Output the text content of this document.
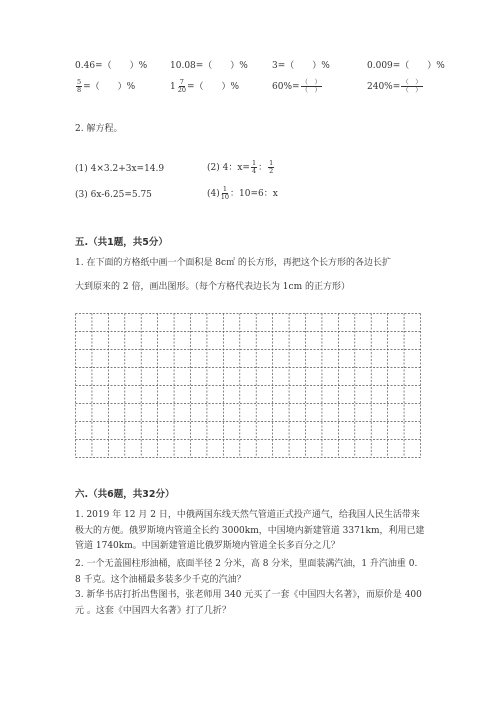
0.46=（　　）%	10.08=（　　）%	3=（　　）%	0.009=（　　）%
$\frac{5}{8}$ =（　　）%	$1 \frac{7}{20}$ =（　　）%	$60\%= \frac{( )}{( )}$	$240\%= \frac{( )}{( )}$
2. 解方程。
(1) 4×3.2+3x=14.9	(2) 4：$x= \frac{1}{4}$ ： $\frac{1}{2}$
(3) 6x-6.25=5.75	$(4) \frac{1}{10}$ ：10=6：x
五.（共1题，共5分）
1. 在下面的方格纸中画一个面积是 8c㎡ 的长方形，再把这个长方形的各边长扩
大到原来的 2 倍，画出图形。（每个方格代表边长为 1cm 的正方形）
六.（共6题，共32分）
1. 2019 年 12 月 2 日，中俄两国东线天然气管道正式投产通气，给我国人民生活带来极大的方便。俄罗斯境内管道全长约 3000km，中国境内新建管道 3371km，利用已建管道 1740km。中国新建管道比俄罗斯境内管道全长多百分之几？
2. 一个无盖圆柱形油桶，底面半径 2 分米，高 8 分米，里面装满汽油，1 升汽油重 0. 8 千克。这个油桶最多装多少千克的汽油？
3. 新华书店打折出售图书，张老师用 340 元买了一套《中国四大名著》，而原价是 400 元 。这套《中国四大名著》打了几折？
